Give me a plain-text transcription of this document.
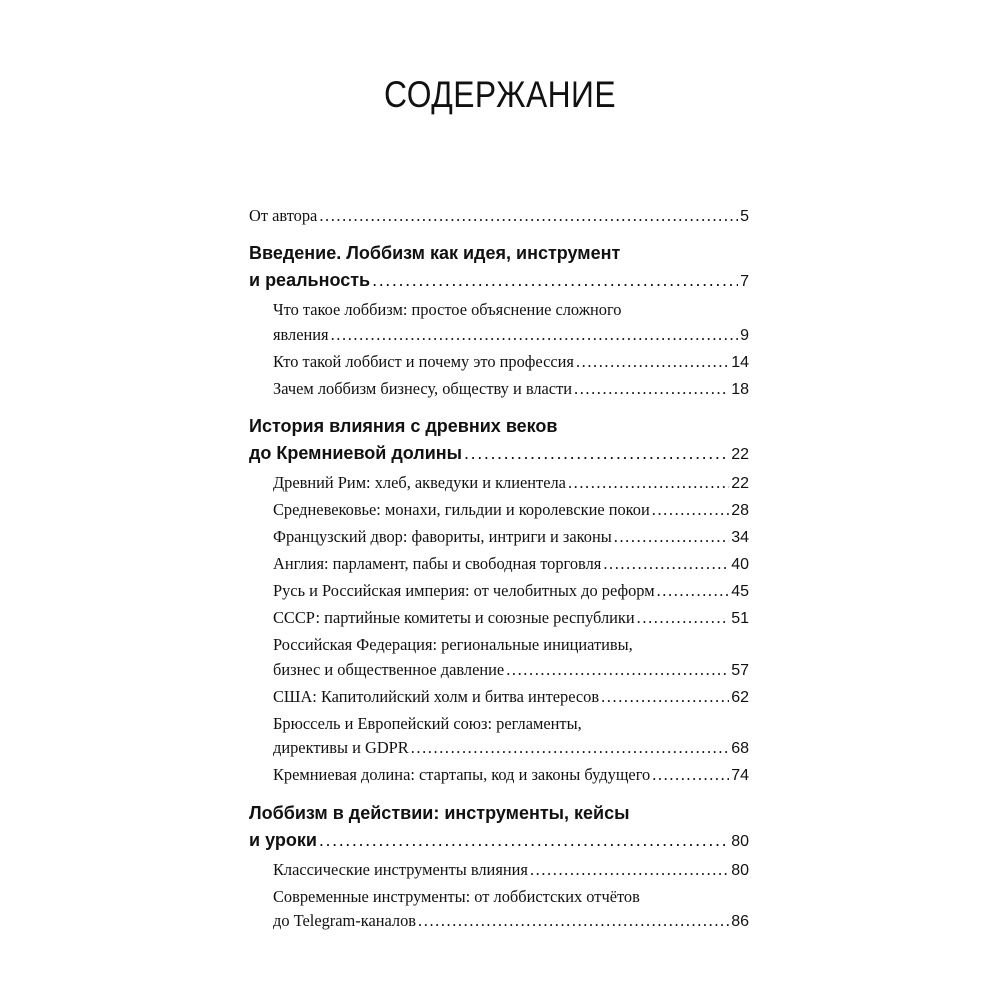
СОДЕРЖАНИЕ
От автора .....	5
Введение. Лоббизм как идея, инструмент
и реальность .....	7
Что такое лоббизм: простое объяснение сложного
явления .....	9
Кто такой лоббист и почему это профессия .....	14
Зачем лоббизм бизнесу, обществу и власти .....	18
История влияния с древних веков
до Кремниевой долины .....	22
Древний Рим: хлеб, акведуки и клиентела .....	22
Средневековье: монахи, гильдии и королевские покои .....	28
Французский двор: фавориты, интриги и законы .....	34
Англия: парламент, пабы и свободная торговля .....	40
Русь и Российская империя: от челобитных до реформ .....	45
СССР: партийные комитеты и союзные республики .....	51
Российская Федерация: региональные инициативы,
бизнес и общественное давление .....	57
США: Капитолийский холм и битва интересов .....	62
Брюссель и Европейский союз: регламенты,
директивы и GDPR .....	68
Кремниевая долина: стартапы, код и законы будущего .....	74
Лоббизм в действии: инструменты, кейсы
и уроки .....	80
Классические инструменты влияния .....	80
Современные инструменты: от лоббистских отчётов
до Telegram-каналов .....	86
